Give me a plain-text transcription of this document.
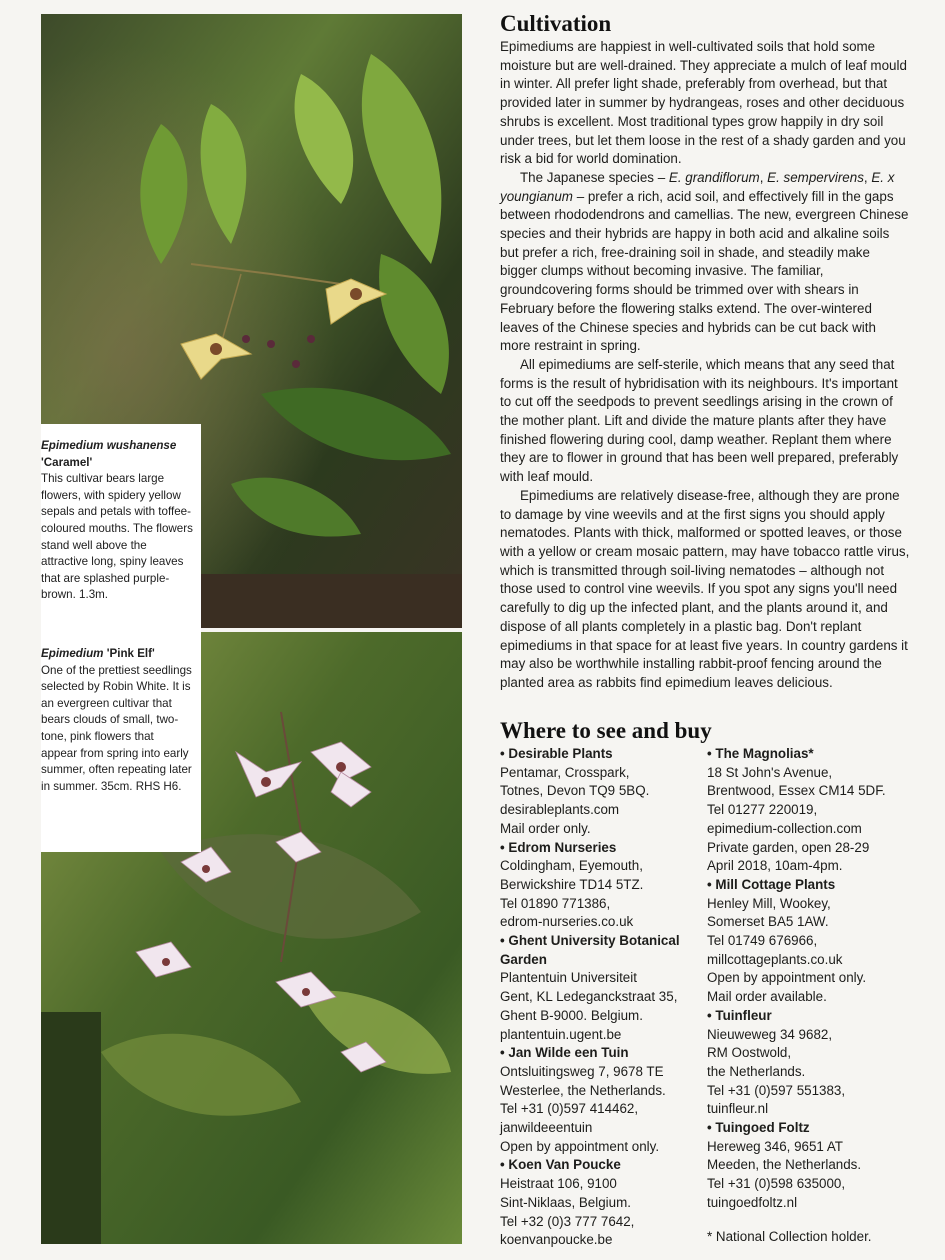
Epimedium wushanense
'Caramel'
This cultivar bears large flowers, with spidery yellow sepals and petals with toffee-coloured mouths. The flowers stand well above the attractive long, spiny leaves that are splashed purple-brown. 1.3m.
Epimedium 'Pink Elf'
One of the prettiest seedlings selected by Robin White. It is an evergreen cultivar that bears clouds of small, two-tone, pink flowers that appear from spring into early summer, often repeating later in summer. 35cm. RHS H6.
Cultivation

Epimediums are happiest in well-cultivated soils that hold some moisture but are well-drained. They appreciate a mulch of leaf mould in winter. All prefer light shade, preferably from overhead, but that provided later in summer by hydrangeas, roses and other deciduous shrubs is excellent. Most traditional types grow happily in dry soil under trees, but let them loose in the rest of a shady garden and you risk a bid for world domination.

The Japanese species – E. grandiflorum, E. sempervirens, E. x youngianum – prefer a rich, acid soil, and effectively fill in the gaps between rhododendrons and camellias. The new, evergreen Chinese species and their hybrids are happy in both acid and alkaline soils but prefer a rich, free-draining soil in shade, and steadily make bigger clumps without becoming invasive. The familiar, groundcovering forms should be trimmed over with shears in February before the flowering stalks extend. The over-wintered leaves of the Chinese species and hybrids can be cut back with more restraint in spring.

All epimediums are self-sterile, which means that any seed that forms is the result of hybridisation with its neighbours. It's important to cut off the seedpods to prevent seedlings arising in the crown of the mother plant. Lift and divide the mature plants after they have finished flowering during cool, damp weather. Replant them where they are to flower in ground that has been well prepared, preferably with leaf mould.

Epimediums are relatively disease-free, although they are prone to damage by vine weevils and at the first signs you should apply nematodes. Plants with thick, malformed or spotted leaves, or those with a yellow or cream mosaic pattern, may have tobacco rattle virus, which is transmitted through soil-living nematodes – although not those used to control vine weevils. If you spot any signs you'll need carefully to dig up the infected plant, and the plants around it, and dispose of all plants completely in a plastic bag. Don't replant epimediums in that space for at least five years. In country gardens it may also be worthwhile installing rabbit-proof fencing around the planted area as rabbits find epimedium leaves delicious.

Where to see and buy
• Desirable Plants
Pentamar, Crosspark,
Totnes, Devon TQ9 5BQ.
desirableplants.com
Mail order only.
• Edrom Nurseries
Coldingham, Eyemouth,
Berwickshire TD14 5TZ.
Tel 01890 771386,
edrom-nurseries.co.uk
• Ghent University Botanical Garden
Plantentuin Universiteit
Gent, KL Ledeganckstraat 35,
Ghent B-9000. Belgium.
plantentuin.ugent.be
• Jan Wilde een Tuin
Ontsluitingsweg 7, 9678 TE
Westerlee, the Netherlands.
Tel +31 (0)597 414462,
janwildeeentuin
Open by appointment only.
• Koen Van Poucke
Heistraat 106, 9100
Sint-Niklaas, Belgium.
Tel +32 (0)3 777 7642,
koenvanpoucke.be
• The Magnolias*
18 St John's Avenue,
Brentwood, Essex CM14 5DF.
Tel 01277 220019,
epimedium-collection.com
Private garden, open 28-29
April 2018, 10am-4pm.
• Mill Cottage Plants
Henley Mill, Wookey,
Somerset BA5 1AW.
Tel 01749 676966,
millcottageplants.co.uk
Open by appointment only.
Mail order available.
• Tuinfleur
Nieuweweg 34 9682,
RM Oostwold,
the Netherlands.
Tel +31 (0)597 551383,
tuinfleur.nl
• Tuingoed Foltz
Hereweg 346, 9651 AT
Meeden, the Netherlands.
Tel +31 (0)598 635000,
tuingoedfoltz.nl
* National Collection holder.
